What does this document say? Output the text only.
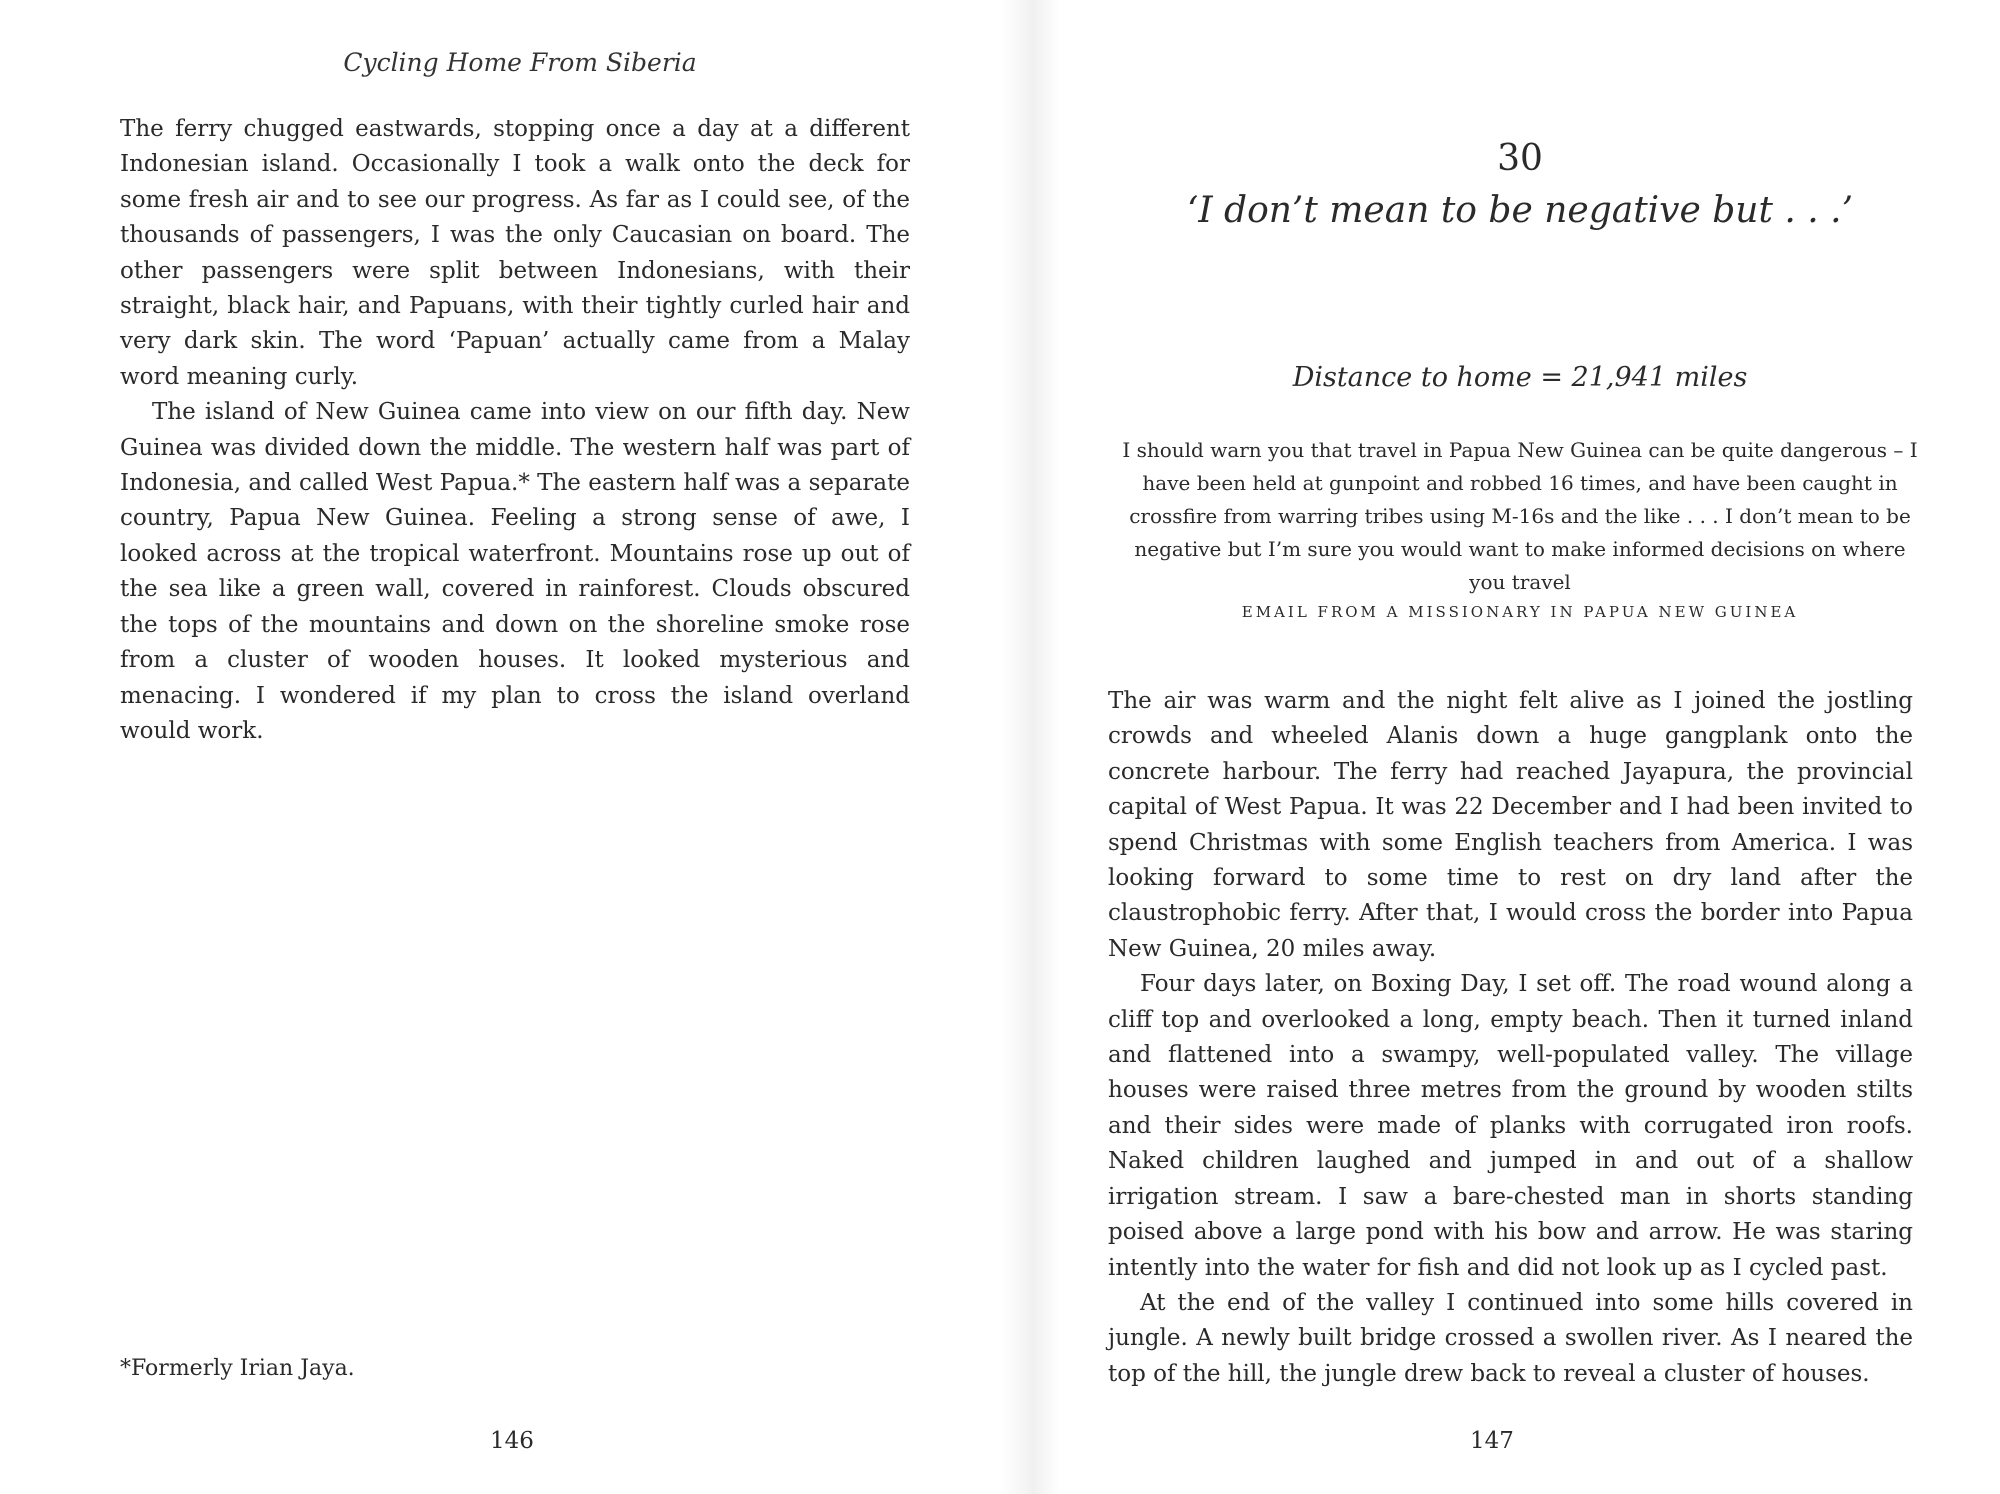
Cycling Home From Siberia

The ferry chugged eastwards, stopping once a day at a different Indonesian island. Occasionally I took a walk onto the deck for some fresh air and to see our progress. As far as I could see, of the thousands of passengers, I was the only Caucasian on board. The other passengers were split between Indonesians, with their straight, black hair, and Papuans, with their tightly curled hair and very dark skin. The word ‘Papuan’ actually came from a Malay word meaning curly.

The island of New Guinea came into view on our fifth day. New Guinea was divided down the middle. The western half was part of Indonesia, and called West Papua.* The eastern half was a separate country, Papua New Guinea. Feeling a strong sense of awe, I looked across at the tropical waterfront. Mountains rose up out of the sea like a green wall, covered in rainforest. Clouds obscured the tops of the mountains and down on the shoreline smoke rose from a cluster of wooden houses. It looked mysterious and menacing. I wondered if my plan to cross the island overland would work.

*Formerly Irian Jaya.
146
30
‘I don’t mean to be negative but . . .’
Distance to home = 21,941 miles
I should warn you that travel in Papua New Guinea can be quite dangerous – I have been held at gunpoint and robbed 16 times, and have been caught in crossfire from warring tribes using M-16s and the like . . . I don’t mean to be negative but I’m sure you would want to make informed decisions on where you travel
EMAIL FROM A MISSIONARY IN PAPUA NEW GUINEA

The air was warm and the night felt alive as I joined the jostling crowds and wheeled Alanis down a huge gangplank onto the concrete harbour. The ferry had reached Jayapura, the provincial capital of West Papua. It was 22 December and I had been invited to spend Christmas with some English teachers from America. I was looking forward to some time to rest on dry land after the claustrophobic ferry. After that, I would cross the border into Papua New Guinea, 20 miles away.

Four days later, on Boxing Day, I set off. The road wound along a cliff top and overlooked a long, empty beach. Then it turned inland and flattened into a swampy, well-populated valley. The village houses were raised three metres from the ground by wooden stilts and their sides were made of planks with corrugated iron roofs. Naked children laughed and jumped in and out of a shallow irrigation stream. I saw a bare-chested man in shorts standing poised above a large pond with his bow and arrow. He was staring intently into the water for fish and did not look up as I cycled past.

At the end of the valley I continued into some hills covered in jungle. A newly built bridge crossed a swollen river. As I neared the top of the hill, the jungle drew back to reveal a cluster of houses.

147
